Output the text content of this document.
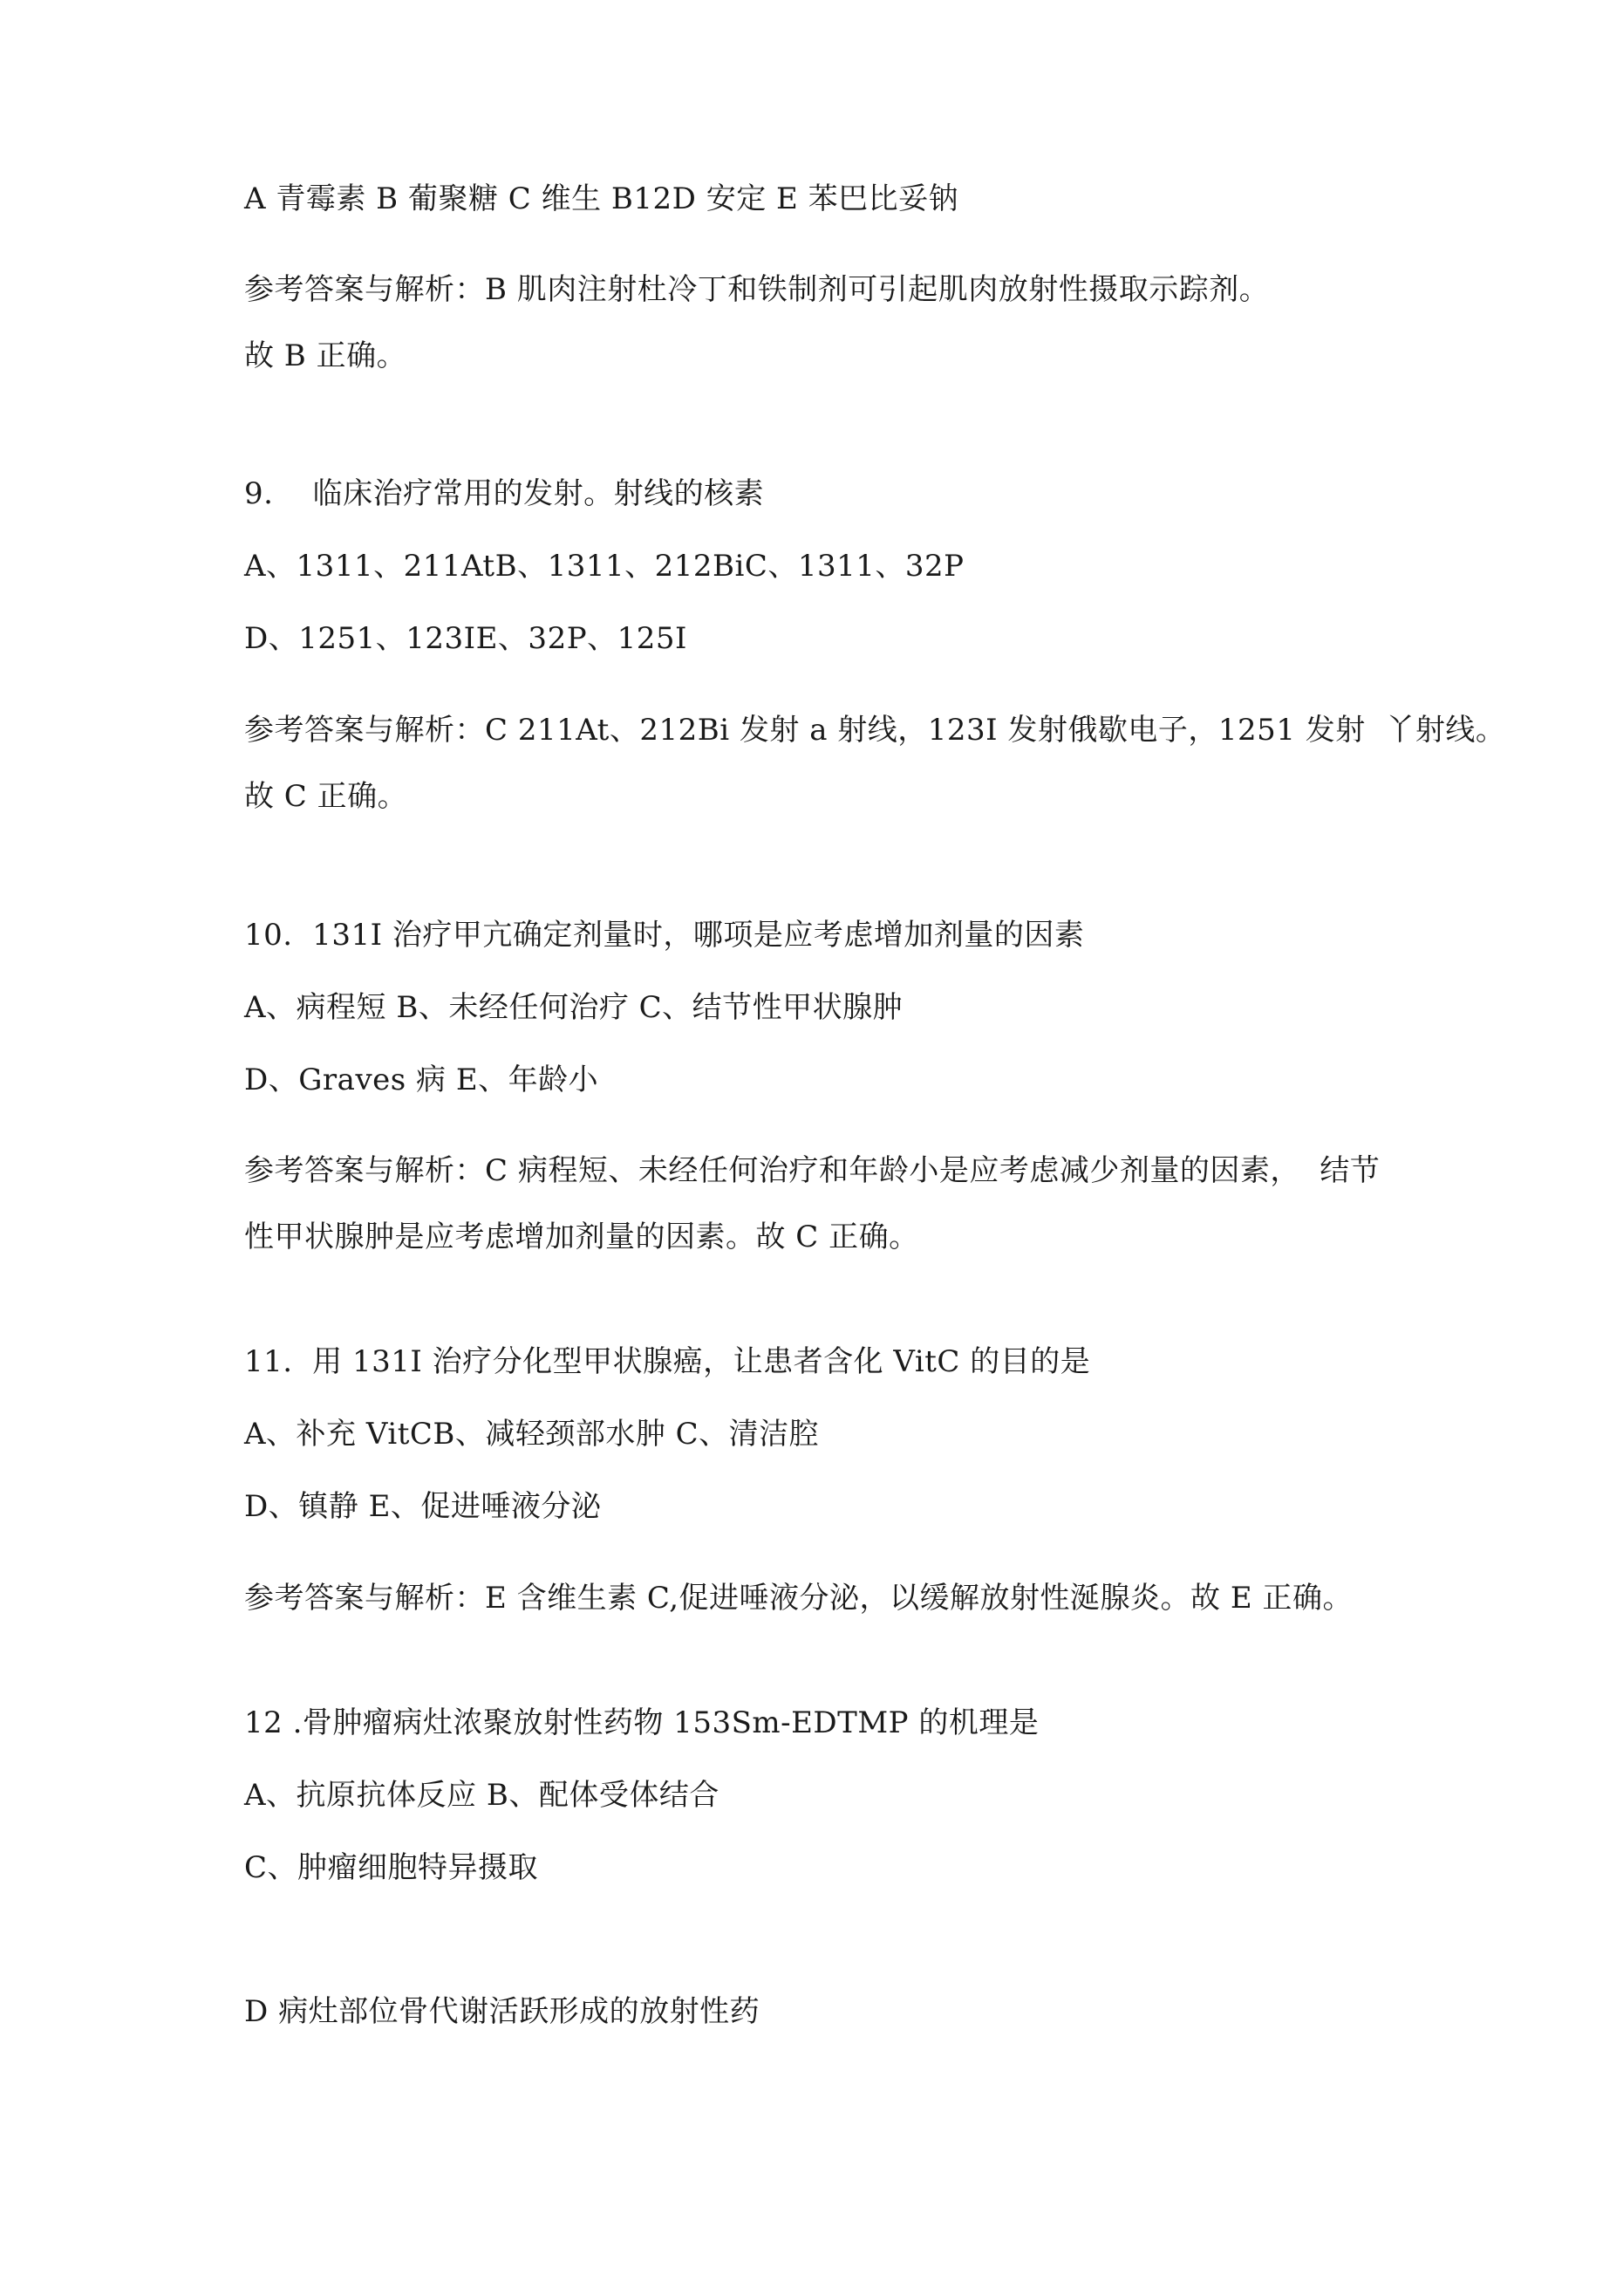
A 青霉素 B 葡聚糖 C 维生 B12D 安定 E 苯巴比妥钠
参考答案与解析：B 肌肉注射杜冷丁和铁制剂可引起肌肉放射性摄取示踪剂。
故 B 正确。
9.    临床治疗常用的发射。射线的核素
A、1311、211AtB、1311、212BiC、1311、32P
D、1251、123IE、32P、125I
参考答案与解析：C 211At、212Bi 发射 a 射线，123I 发射俄歇电子，1251 发射  丫射线。
故 C 正确。
10.  131I 治疗甲亢确定剂量时，哪项是应考虑增加剂量的因素
A、病程短 B、未经任何治疗 C、结节性甲状腺肿
D、Graves 病 E、年龄小
参考答案与解析：C 病程短、未经任何治疗和年龄小是应考虑减少剂量的因素，  结节
性甲状腺肿是应考虑增加剂量的因素。故 C 正确。
11.  用 131I 治疗分化型甲状腺癌，让患者含化 VitC 的目的是
A、补充 VitCB、减轻颈部水肿 C、清洁腔
D、镇静 E、促进唾液分泌
参考答案与解析：E 含维生素 C,促进唾液分泌，以缓解放射性涎腺炎。故 E 正确。
12 .骨肿瘤病灶浓聚放射性药物 153Sm-EDTMP 的机理是
A、抗原抗体反应 B、配体受体结合
C、肿瘤细胞特异摄取
D 病灶部位骨代谢活跃形成的放射性药
